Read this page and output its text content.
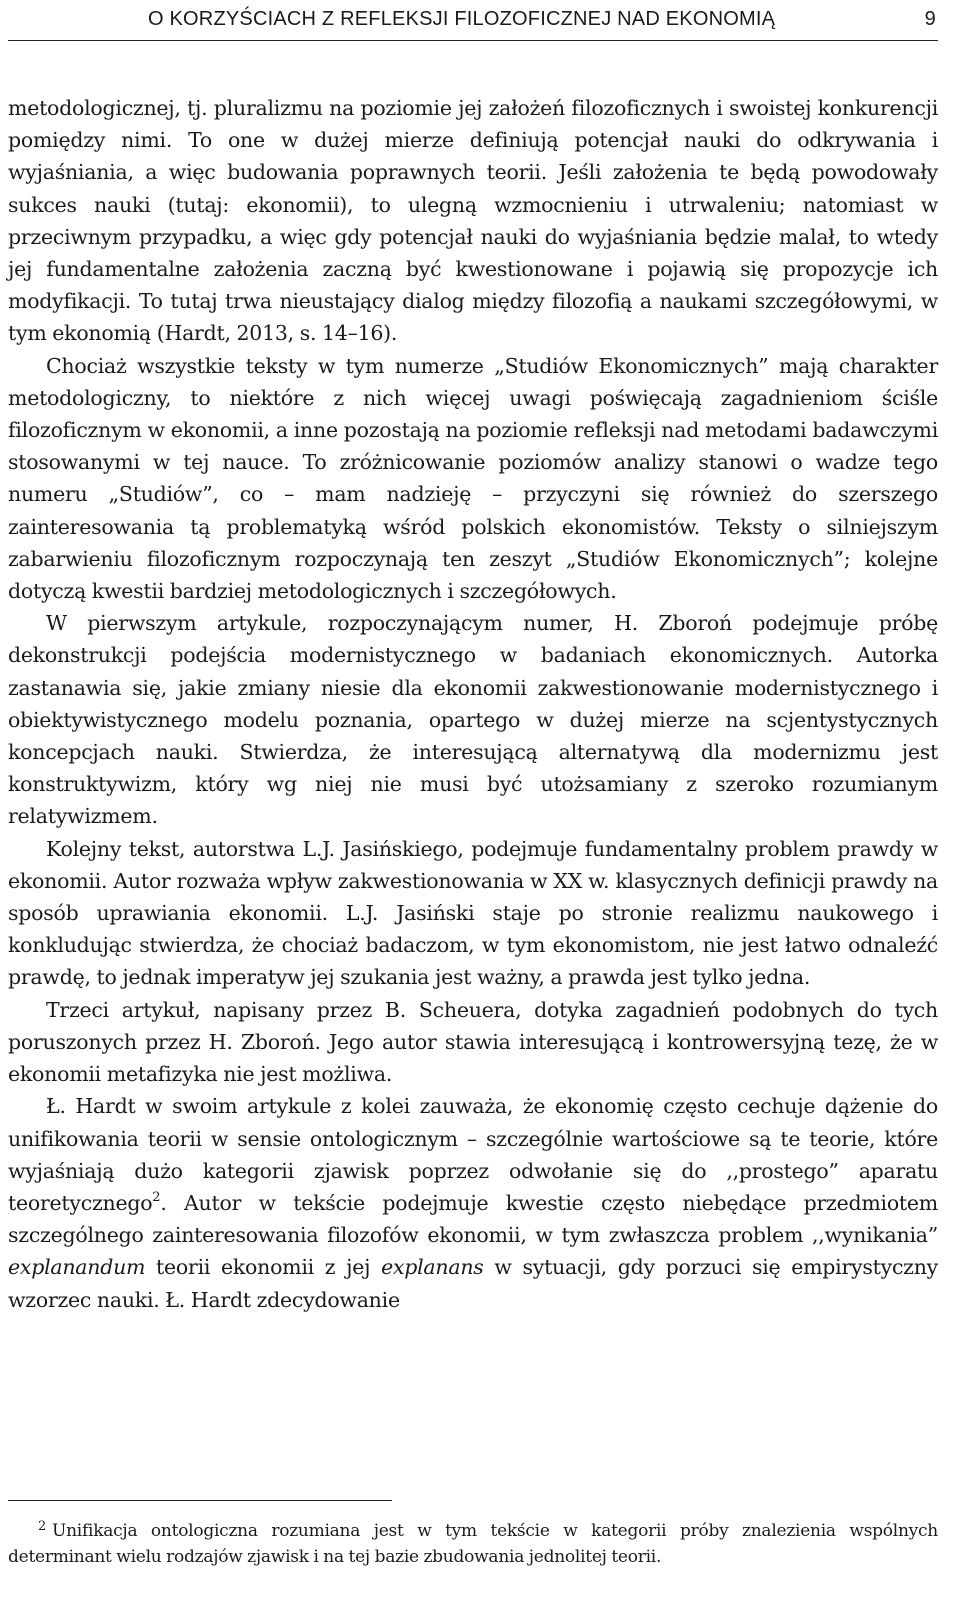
O KORZYŚCIACH Z REFLEKSJI FILOZOFICZNEJ NAD EKONOMIĄ	9

metodologicznej, tj. pluralizmu na poziomie jej założeń filozoficznych i swoistej konkurencji pomiędzy nimi. To one w dużej mierze definiują potencjał nauki do odkrywania i wyjaśniania, a więc budowania poprawnych teorii. Jeśli założenia te będą powodowały sukces nauki (tutaj: ekonomii), to ulegną wzmocnieniu i utrwaleniu; natomiast w przeciwnym przypadku, a więc gdy potencjał nauki do wyjaśniania będzie malał, to wtedy jej fundamentalne założenia zaczną być kwestionowane i pojawią się propozycje ich modyfikacji. To tutaj trwa nieustający dialog między filozofią a naukami szczegółowymi, w tym ekonomią (Hardt, 2013, s. 14–16).

Chociaż wszystkie teksty w tym numerze „Studiów Ekonomicznych” mają charakter metodologiczny, to niektóre z nich więcej uwagi poświęcają zagadnieniom ściśle filozoficznym w ekonomii, a inne pozostają na poziomie refleksji nad metodami badawczymi stosowanymi w tej nauce. To zróżnicowanie poziomów analizy stanowi o wadze tego numeru „Studiów”, co – mam nadzieję – przyczyni się również do szerszego zainteresowania tą problematyką wśród polskich ekonomistów. Teksty o silniejszym zabarwieniu filozoficznym rozpoczynają ten zeszyt „Studiów Ekonomicznych”; kolejne dotyczą kwestii bardziej metodologicznych i szczegółowych.

W pierwszym artykule, rozpoczynającym numer, H. Zboroń podejmuje próbę dekonstrukcji podejścia modernistycznego w badaniach ekonomicznych. Autorka zastanawia się, jakie zmiany niesie dla ekonomii zakwestionowanie modernistycznego i obiektywistycznego modelu poznania, opartego w dużej mierze na scjentystycznych koncepcjach nauki. Stwierdza, że interesującą alternatywą dla modernizmu jest konstruktywizm, który wg niej nie musi być utożsamiany z szeroko rozumianym relatywizmem.

Kolejny tekst, autorstwa L.J. Jasińskiego, podejmuje fundamentalny problem prawdy w ekonomii. Autor rozważa wpływ zakwestionowania w XX w. klasycznych definicji prawdy na sposób uprawiania ekonomii. L.J. Jasiński staje po stronie realizmu naukowego i konkludując stwierdza, że chociaż badaczom, w tym ekonomistom, nie jest łatwo odnaleźć prawdę, to jednak imperatyw jej szukania jest ważny, a prawda jest tylko jedna.

Trzeci artykuł, napisany przez B. Scheuera, dotyka zagadnień podobnych do tych poruszonych przez H. Zboroń. Jego autor stawia interesującą i kontrowersyjną tezę, że w ekonomii metafizyka nie jest możliwa.

Ł. Hardt w swoim artykule z kolei zauważa, że ekonomię często cechuje dążenie do unifikowania teorii w sensie ontologicznym – szczególnie wartościowe są te teorie, które wyjaśniają dużo kategorii zjawisk poprzez odwołanie się do ,,prostego” aparatu teoretycznego$^2$. Autor w tekście podejmuje kwestie często niebędące przedmiotem szczególnego zainteresowania filozofów ekonomii, w tym zwłaszcza problem ,,wynikania” explanandum teorii ekonomii z jej explanans w sytuacji, gdy porzuci się empirystyczny wzorzec nauki. Ł. Hardt zdecydowanie

$^2$ Unifikacja ontologiczna rozumiana jest w tym tekście w kategorii próby znalezienia wspólnych determinant wielu rodzajów zjawisk i na tej bazie zbudowania jednolitej teorii.
